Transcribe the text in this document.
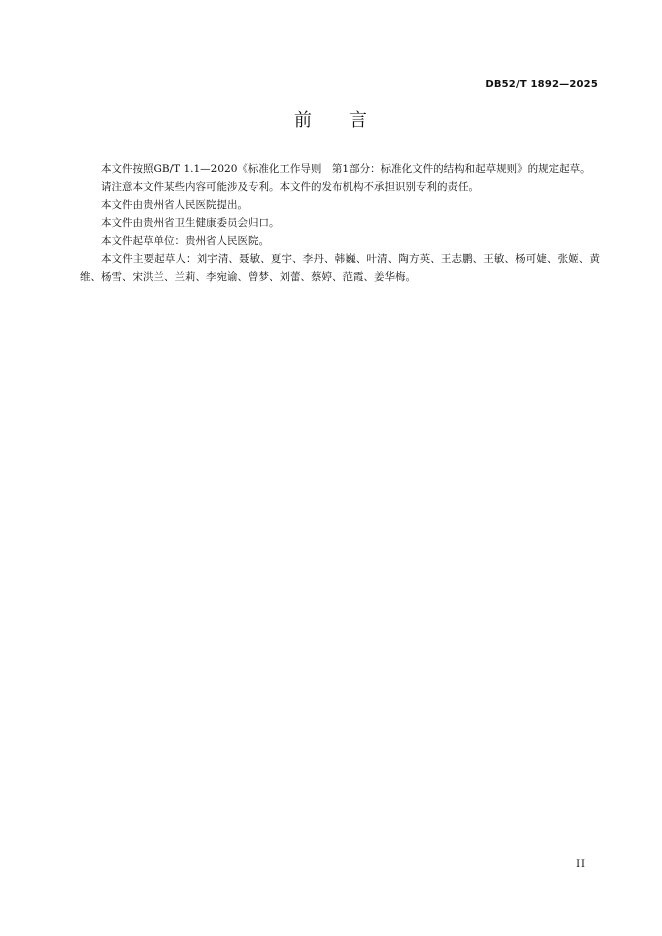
DB52/T 1892—2025
前 言

本文件按照GB/T 1.1—2020《标准化工作导则　第1部分：标准化文件的结构和起草规则》的规定起草。

请注意本文件某些内容可能涉及专利。本文件的发布机构不承担识别专利的责任。

本文件由贵州省人民医院提出。

本文件由贵州省卫生健康委员会归口。

本文件起草单位：贵州省人民医院。

本文件主要起草人：刘宇清、聂敏、夏宇、李丹、韩巍、叶清、陶方英、王志鹏、王敏、杨可婕、张姬、黄维、杨雪、宋洪兰、兰莉、李宛谕、曾梦、刘蕾、蔡婷、范霞、姜华梅。

II
